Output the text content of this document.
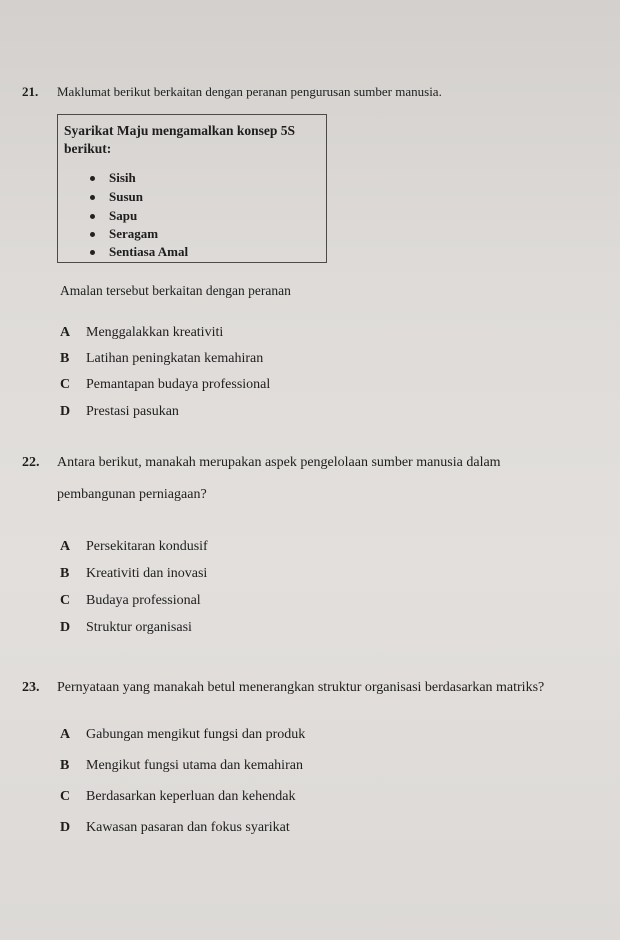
21. Maklumat berikut berkaitan dengan peranan pengurusan sumber manusia.
Syarikat Maju mengamalkan konsep 5S berikut:
Sisih
Susun
Sapu
Seragam
Sentiasa Amal
Amalan tersebut berkaitan dengan peranan
A Menggalakkan kreativiti
B Latihan peningkatan kemahiran
C Pemantapan budaya professional
D Prestasi pasukan
22. Antara berikut, manakah merupakan aspek pengelolaan sumber manusia dalam
pembangunan perniagaan?
A Persekitaran kondusif
B Kreativiti dan inovasi
C Budaya professional
D Struktur organisasi
23. Pernyataan yang manakah betul menerangkan struktur organisasi berdasarkan matriks?
A Gabungan mengikut fungsi dan produk
B Mengikut fungsi utama dan kemahiran
C Berdasarkan keperluan dan kehendak
D Kawasan pasaran dan fokus syarikat
